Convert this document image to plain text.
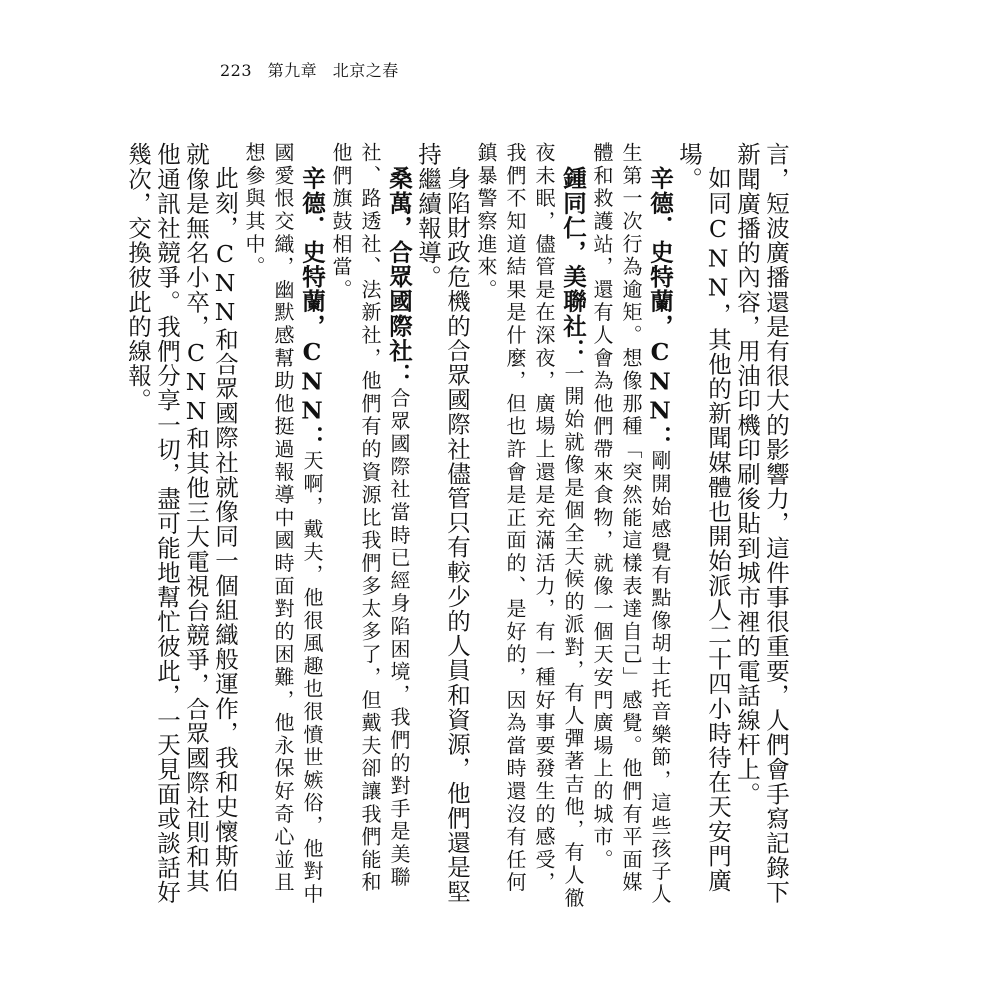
223 第九章 北京之春

言，短波廣播還是有很大的影響力，這件事很重要，人們會手寫記錄下新聞廣播的內容，用油印機印刷後貼到城市裡的電話線杆上。

如同CNN，其他的新聞媒體也開始派人二十四小時待在天安門廣場。

辛德．史特蘭，CNN：剛開始感覺有點像胡士托音樂節，這些孩子人生第一次行為逾矩。想像那種「突然能這樣表達自己」感覺。他們有平面媒體和救護站，還有人會為他們帶來食物，就像一個天安門廣場上的城市。

鍾同仁，美聯社：一開始就像是個全天候的派對，有人彈著吉他，有人徹夜未眠，儘管是在深夜，廣場上還是充滿活力，有一種好事要發生的感受，我們不知道結果是什麼，但也許會是正面的、是好的，因為當時還沒有任何鎮暴警察進來。

身陷財政危機的合眾國際社儘管只有較少的人員和資源，他們還是堅持繼續報導。

桑萬，合眾國際社：合眾國際社當時已經身陷困境，我們的對手是美聯社、路透社、法新社，他們有的資源比我們多太多了，但戴夫卻讓我們能和他們旗鼓相當。

辛德．史特蘭，CNN：天啊，戴夫，他很風趣也很憤世嫉俗，他對中國愛恨交織，幽默感幫助他挺過報導中國時面對的困難，他永保好奇心並且想參與其中。

此刻，CNN和合眾國際社就像同一個組織般運作，我和史懷斯伯就像是無名小卒，CNN和其他三大電視台競爭，合眾國際社則和其他通訊社競爭。我們分享一切，盡可能地幫忙彼此，一天見面或談話好幾次，交換彼此的線報。
